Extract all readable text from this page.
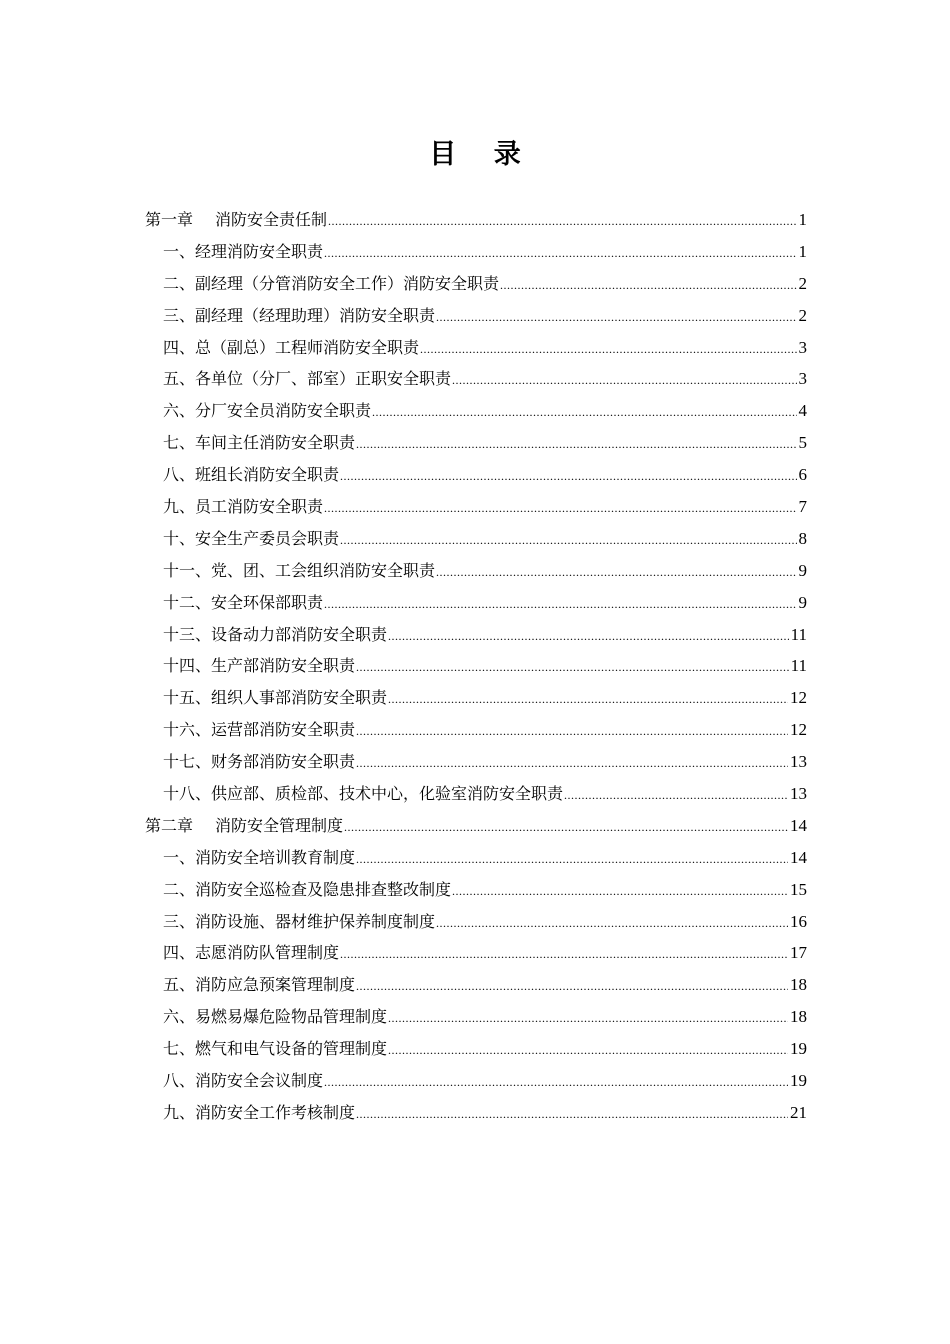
目 录
第一章 消防安全责任制 .....	1
一、经理消防安全职责 .....	1
二、副经理（分管消防安全工作）消防安全职责 .....	2
三、副经理（经理助理）消防安全职责 .....	2
四、总（副总）工程师消防安全职责 .....	3
五、各单位（分厂、部室）正职安全职责 .....	3
六、分厂安全员消防安全职责 .....	4
七、车间主任消防安全职责 .....	5
八、班组长消防安全职责 .....	6
九、员工消防安全职责 .....	7
十、安全生产委员会职责 .....	8
十一、党、团、工会组织消防安全职责 .....	9
十二、安全环保部职责 .....	9
十三、设备动力部消防安全职责 .....	11
十四、生产部消防安全职责 .....	11
十五、组织人事部消防安全职责 .....	12
十六、运营部消防安全职责 .....	12
十七、财务部消防安全职责 .....	13
十八、供应部、质检部、技术中心，化验室消防安全职责 .....	13
第二章 消防安全管理制度 .....	14
一、消防安全培训教育制度 .....	14
二、消防安全巡检查及隐患排查整改制度 .....	15
三、消防设施、器材维护保养制度制度 .....	16
四、志愿消防队管理制度 .....	17
五、消防应急预案管理制度 .....	18
六、易燃易爆危险物品管理制度 .....	18
七、燃气和电气设备的管理制度 .....	19
八、消防安全会议制度 .....	19
九、消防安全工作考核制度 .....	21
